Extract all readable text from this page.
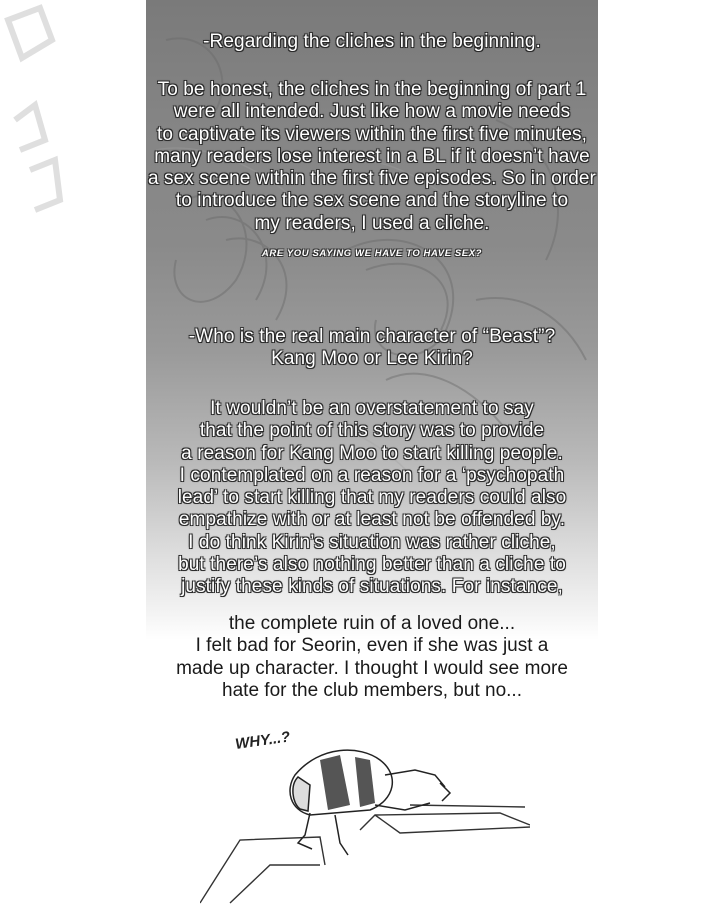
-Regarding the cliches in the beginning.

To be honest, the cliches in the beginning of part 1

were all intended. Just like how a movie needs

to captivate its viewers within the first five minutes,

many readers lose interest in a BL if it doesn’t have

a sex scene within the first five episodes. So in order

to introduce the sex scene and the storyline to

my readers, I used a cliche.

ARE YOU SAYING WE HAVE TO HAVE SEX?

-Who is the real main character of “Beast”?

Kang Moo or Lee Kirin?

It wouldn’t be an overstatement to say

that the point of this story was to provide

a reason for Kang Moo to start killing people.

I contemplated on a reason for a ‘psychopath

lead’ to start killing that my readers could also

empathize with or at least not be offended by.

I do think Kirin’s situation was rather cliche,

but there’s also nothing better than a cliche to

justify these kinds of situations. For instance,

the complete ruin of a loved one...

I felt bad for Seorin, even if she was just a

made up character. I thought I would see more

hate for the club members, but no...

WHY...?
